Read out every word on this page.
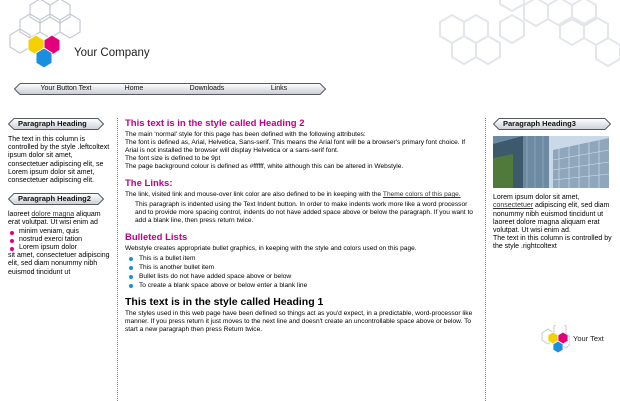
Your Company
Your Button Text	Home	Downloads	Links
Paragraph Heading

The text in this column is controlled by the style .leftcoltext ipsum dolor sit amet, consectetuer adipiscing elit, se Lorem ipsum dolor sit amet, consectetuer adipiscing elit.

Paragraph Heading2

laoreet dolore magna aliquam erat volutpat. Ut wisi enim ad

minim veniam, quis
nostrud exerci tation
Lorem ipsum dolor

sit amet, consectetuer adipiscing elit, sed diam nonummy nibh euismod tincidunt ut

This text is in the style called Heading 2

The main 'normal' style for this page has been defined with the following attributes:

The font is defined as, Arial, Helvetica, Sans-serif. This means the Arial font will be a browser's primary font choice. If Arial is not installed the browser will display Helvetica or a sans-serif font.

The font size is defined to be 9pt

The page background colour is defined as #ffffff, white although this can be altered in Webstyle.

The Links:

The link, visited link and mouse-over link color are also defined to be in keeping with the Theme colors of this page.

This paragraph is indented using the Text Indent button. In order to make indents work more like a word processor and to provide more spacing control, indents do not have added space above or below the paragraph. If you want to add a blank line, then press return twice.

Bulleted Lists

Webstyle creates appropriate bullet graphics, in keeping with the style and colors used on this page.

This is a bullet item
This is another bullet item
Bullet lists do not have added space above or below
To create a blank space above or below enter a blank line
This text is in the style called Heading 1

The styles used in this web page have been defined so things act as you'd expect, in a predictable, word-processor like manner. If you press return it just moves to the next line and doesn't create an uncontrollable space above or below. To start a new paragraph then press Return twice.

Paragraph Heading3

Lorem ipsum dolor sit amet, consectetuer adipiscing elit, sed diam nonummy nibh euismod tincidunt ut laoreet dolore magna aliquam erat volutpat. Ut wisi enim ad.

The text in this column is controlled by the style .rightcoltext

Your Text
